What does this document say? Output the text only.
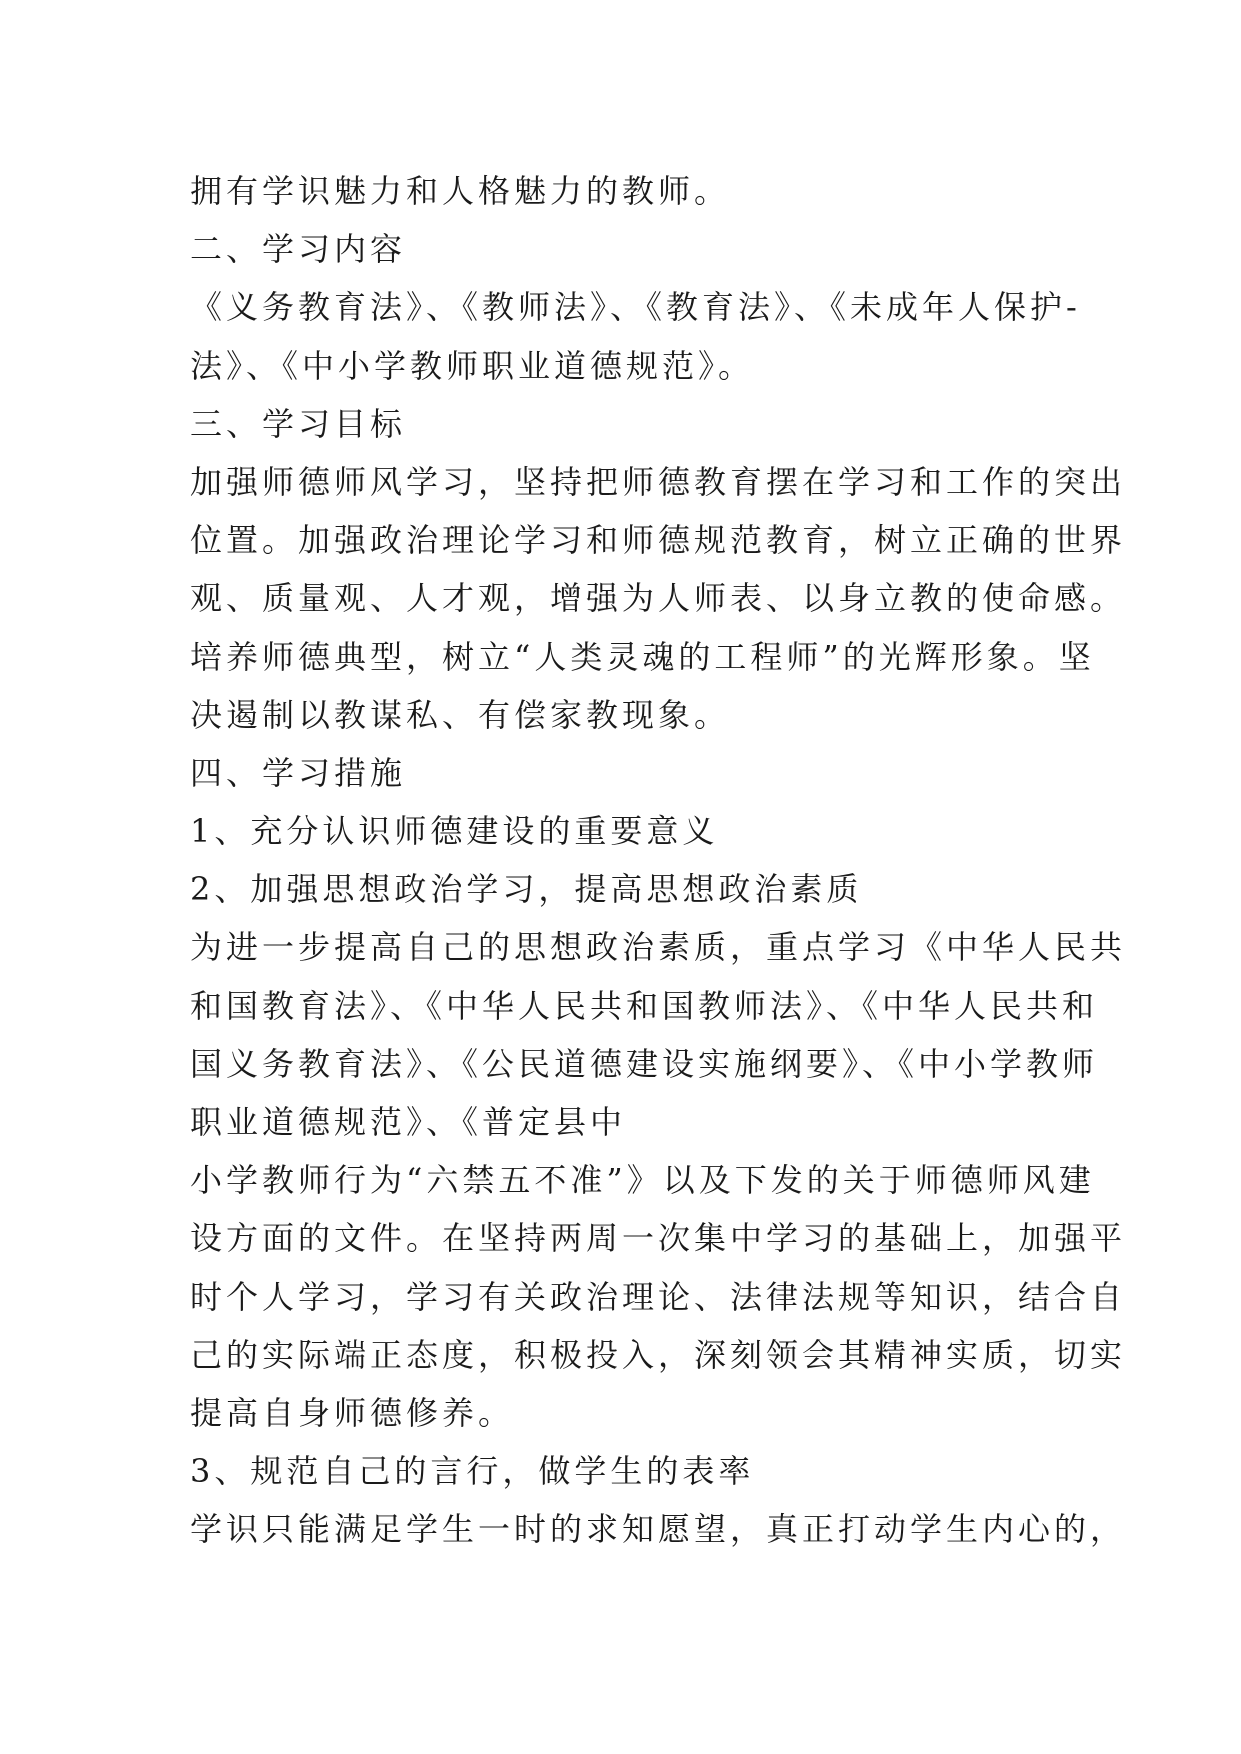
拥有学识魅力和人格魅力的教师。
二、学习内容
《义务教育法》、《教师法》、《教育法》、《未成年人保护-
法》、《中小学教师职业道德规范》。
三、学习目标
加强师德师风学习，坚持把师德教育摆在学习和工作的突出
位置。加强政治理论学习和师德规范教育，树立正确的世界
观、质量观、人才观，增强为人师表、以身立教的使命感。
培养师德典型，树立“人类灵魂的工程师”的光辉形象。坚
决遏制以教谋私、有偿家教现象。
四、学习措施
1、充分认识师德建设的重要意义
2、加强思想政治学习，提高思想政治素质
为进一步提高自己的思想政治素质，重点学习《中华人民共
和国教育法》、《中华人民共和国教师法》、《中华人民共和
国义务教育法》、《公民道德建设实施纲要》、《中小学教师
职业道德规范》、《普定县中
小学教师行为“六禁五不准”》以及下发的关于师德师风建
设方面的文件。在坚持两周一次集中学习的基础上，加强平
时个人学习，学习有关政治理论、法律法规等知识，结合自
己的实际端正态度，积极投入，深刻领会其精神实质，切实
提高自身师德修养。
3、规范自己的言行，做学生的表率
学识只能满足学生一时的求知愿望，真正打动学生内心的，
